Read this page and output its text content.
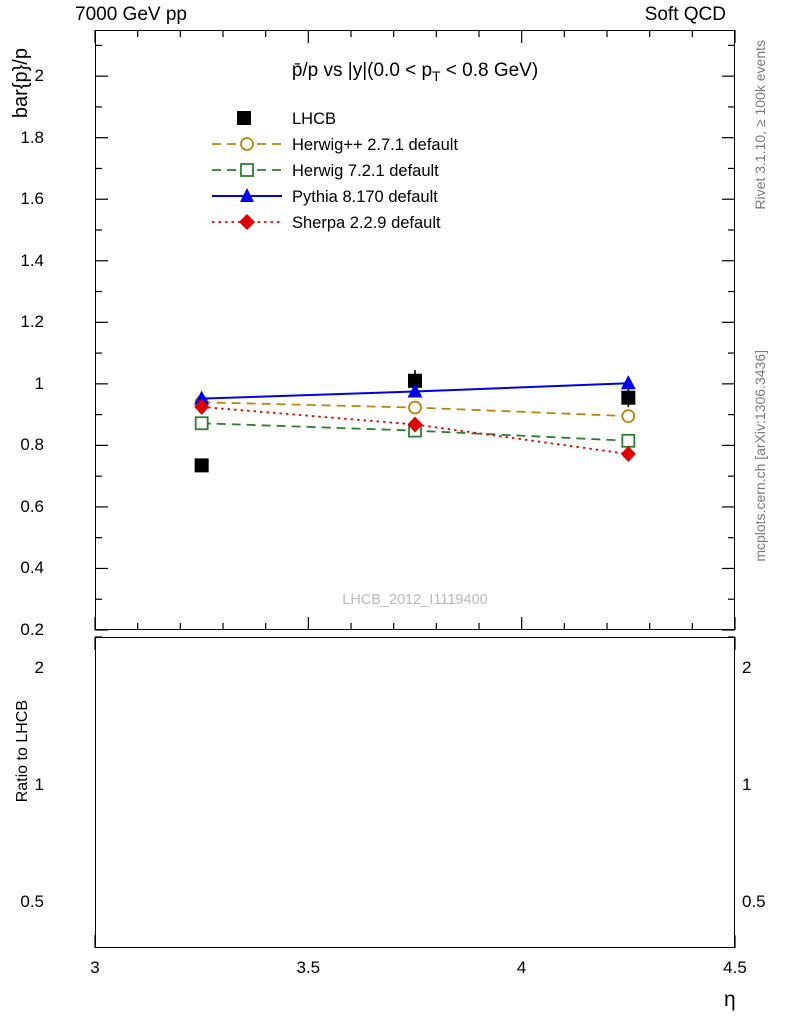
7000 GeV pp	Soft QCD
bar{p}/p
Ratio to LHCB
Rivet 3.1.10, ≥ 100k events
mcplots.cern.ch [arXiv:1306.3436]
η
p̄/p vs $|y|(0.0 < p_T < 0.8$ GeV)
LHCB_2012_I1119400
LHCB
Herwig++ 2.7.1 default
Herwig 7.2.1 default
Pythia 8.170 default
Sherpa 2.2.9 default
0.2
0.4
0.6
0.8
1
1.2
1.4
1.6
1.8
2
0.5
1
2
0.5
1
2
3	3.5	4	4.5
